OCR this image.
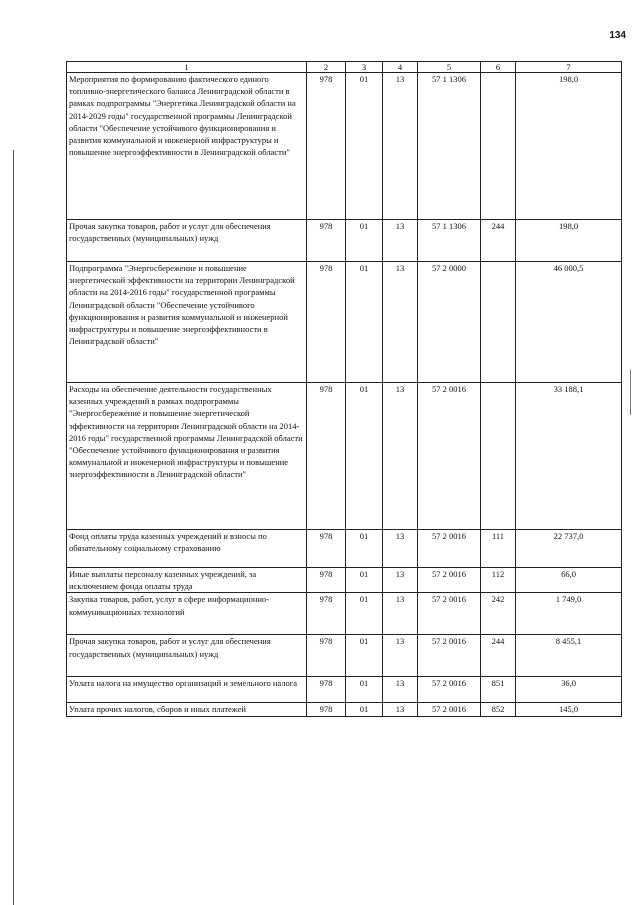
134
1	2	3	4	5	6	7
Мероприятия по формированию фактического единого топливно-энергетического баланса Ленинградской области в рамках подпрограммы "Энергетика Ленинградской области на 2014-2029 годы" государственной программы Ленинградской области "Обеспечение устойчивого функционирования и развития коммунальной и инженерной инфраструктуры и повышение энергоэффективности в Ленинградской области"	978	01	13	57 1 1306		198,0
Прочая закупка товаров, работ и услуг для обеспечения государственных (муниципальных) нужд	978	01	13	57 1 1306	244	198,0
Подпрограмма "Энергосбережение и повышение энергетической эффективности на территории Ленинградской области на 2014-2016 годы" государственной программы Ленинградской области "Обеспечение устойчивого функционирования и развития коммунальной и инженерной инфраструктуры и повышение энергоэффективности в Ленинградской области"	978	01	13	57 2 0000		46 000,5
Расходы на обеспечение деятельности государственных казенных учреждений в рамках подпрограммы "Энергосбережение и повышение энергетической эффективности на территории Ленинградской области на 2014-2016 годы" государственной программы Ленинградской области "Обеспечение устойчивого функционирования и развития коммунальной и инженерной инфраструктуры и повышение энергоэффективности в Ленинградской области"	978	01	13	57 2 0016		33 188,1
Фонд оплаты труда казенных учреждений и взносы по обязательному социальному страхованию	978	01	13	57 2 0016	111	22 737,0
Иные выплаты персоналу казенных учреждений, за исключением фонда оплаты труда	978	01	13	57 2 0016	112	66,0
Закупка товаров, работ, услуг в сфере информационно-коммуникационных технологий	978	01	13	57 2 0016	242	1 749,0
Прочая закупка товаров, работ и услуг для обеспечения государственных (муниципальных) нужд	978	01	13	57 2 0016	244	8 455,1
Уплата налога на имущество организаций и земельного налога	978	01	13	57 2 0016	851	36,0
Уплата прочих налогов, сборов и иных платежей	978	01	13	57 2 0016	852	145,0
